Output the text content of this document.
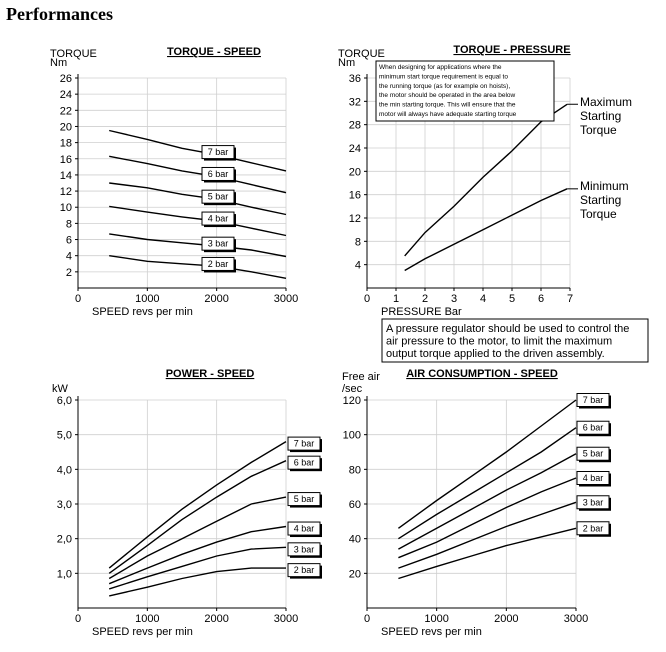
Performances
2
4
6
8
10
12
14
16
18
20
22
24
26
0	1000	2000	3000
TORQUE - SPEED
TORQUE
Nm
SPEED revs per min
7 bar
6 bar
5 bar
4 bar
3 bar
2 bar	4
8
12
16
20
24
28
32
36
0 1 2 3 4 5 6 7
TORQUE - PRESSURE
TORQUE
Nm
PRESSURE Bar
When designing for applications where the
minimum start torque requirement is equal to
the running torque (as for example on hoists),
the motor should be operated in the area below
the min starting torque. This will ensure that the
motor will always have adequate starting torque
Maximum
Starting
Torque
Minimum
Starting
Torque
A pressure regulator should be used to control the
air pressure to the motor, to limit the maximum
output torque applied to the driven assembly.
1,0
2,0
3,0
4,0
5,0
6,0
0	1000	2000	3000
POWER - SPEED
kW
SPEED revs per min
7 bar
6 bar
5 bar
4 bar
3 bar
2 bar	20
40
60
80
100
120
0	1000	2000	3000
AIR CONSUMPTION - SPEED
Free air
/sec
SPEED revs per min
7 bar
6 bar
5 bar
4 bar
3 bar
2 bar
